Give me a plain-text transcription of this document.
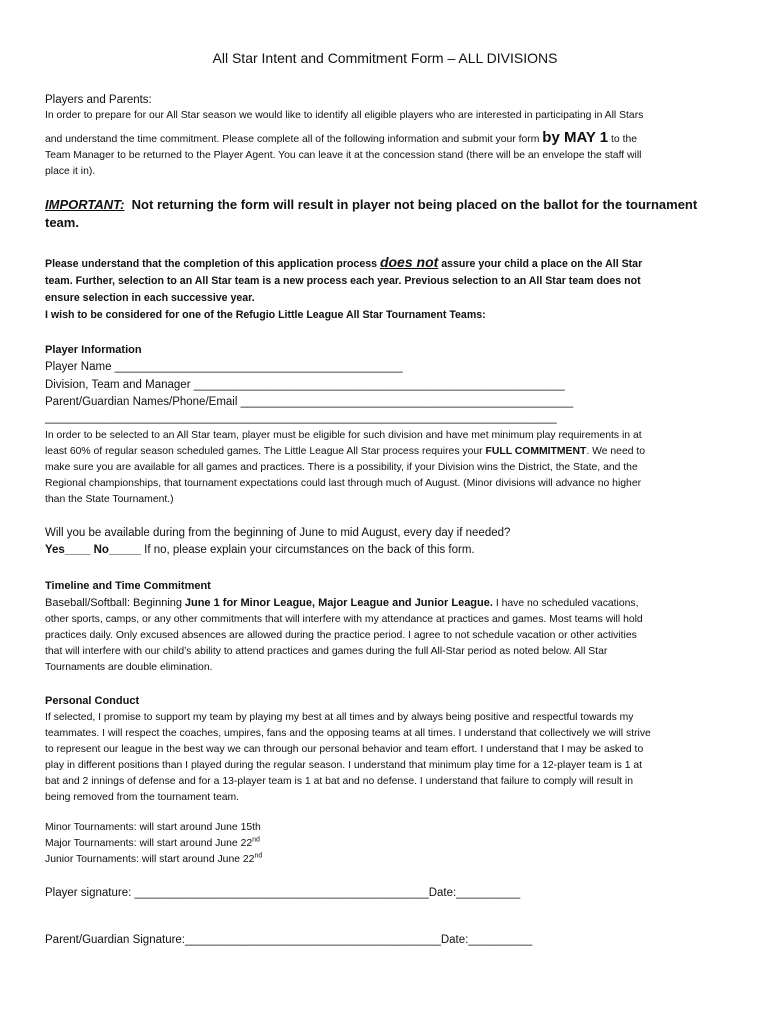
All Star Intent and Commitment Form – ALL DIVISIONS
Players and Parents:
In order to prepare for our All Star season we would like to identify all eligible players who are interested in participating in All Stars
and understand the time commitment. Please complete all of the following information and submit your form by MAY 1 to the
Team Manager to be returned to the Player Agent. You can leave it at the concession stand (there will be an envelope the staff will
place it in).
IMPORTANT: Not returning the form will result in player not being placed on the ballot for the tournament
team.
Please understand that the completion of this application process does not assure your child a place on the All Star
team. Further, selection to an All Star team is a new process each year. Previous selection to an All Star team does not
ensure selection in each successive year.
I wish to be considered for one of the Refugio Little League All Star Tournament Teams:
Player Information
Player Name _____________________________________________
Division, Team and Manager __________________________________________________________
Parent/Guardian Names/Phone/Email ____________________________________________________
________________________________________________________________________________
In order to be selected to an All Star team, player must be eligible for such division and have met minimum play requirements in at
least 60% of regular season scheduled games. The Little League All Star process requires your FULL COMMITMENT. We need to
make sure you are available for all games and practices. There is a possibility, if your Division wins the District, the State, and the
Regional championships, that tournament expectations could last through much of August. (Minor divisions will advance no higher
than the State Tournament.)
Will you be available during from the beginning of June to mid August, every day if needed?
Yes____ No_____ If no, please explain your circumstances on the back of this form.
Timeline and Time Commitment
Baseball/Softball: Beginning June 1 for Minor League, Major League and Junior League. I have no scheduled vacations,
other sports, camps, or any other commitments that will interfere with my attendance at practices and games. Most teams will hold
practices daily. Only excused absences are allowed during the practice period. I agree to not schedule vacation or other activities
that will interfere with our child’s ability to attend practices and games during the full All-Star period as noted below. All Star
Tournaments are double elimination.
Personal Conduct
If selected, I promise to support my team by playing my best at all times and by always being positive and respectful towards my
teammates. I will respect the coaches, umpires, fans and the opposing teams at all times. I understand that collectively we will strive
to represent our league in the best way we can through our personal behavior and team effort. I understand that I may be asked to
play in different positions than I played during the regular season. I understand that minimum play time for a 12-player team is 1 at
bat and 2 innings of defense and for a 13-player team is 1 at bat and no defense. I understand that failure to comply will result in
being removed from the tournament team.
Minor Tournaments: will start around June 15th
Major Tournaments: will start around June 22nd
Junior Tournaments: will start around June 22nd
Player signature: ______________________________________________Date:__________
Parent/Guardian Signature:________________________________________Date:__________
